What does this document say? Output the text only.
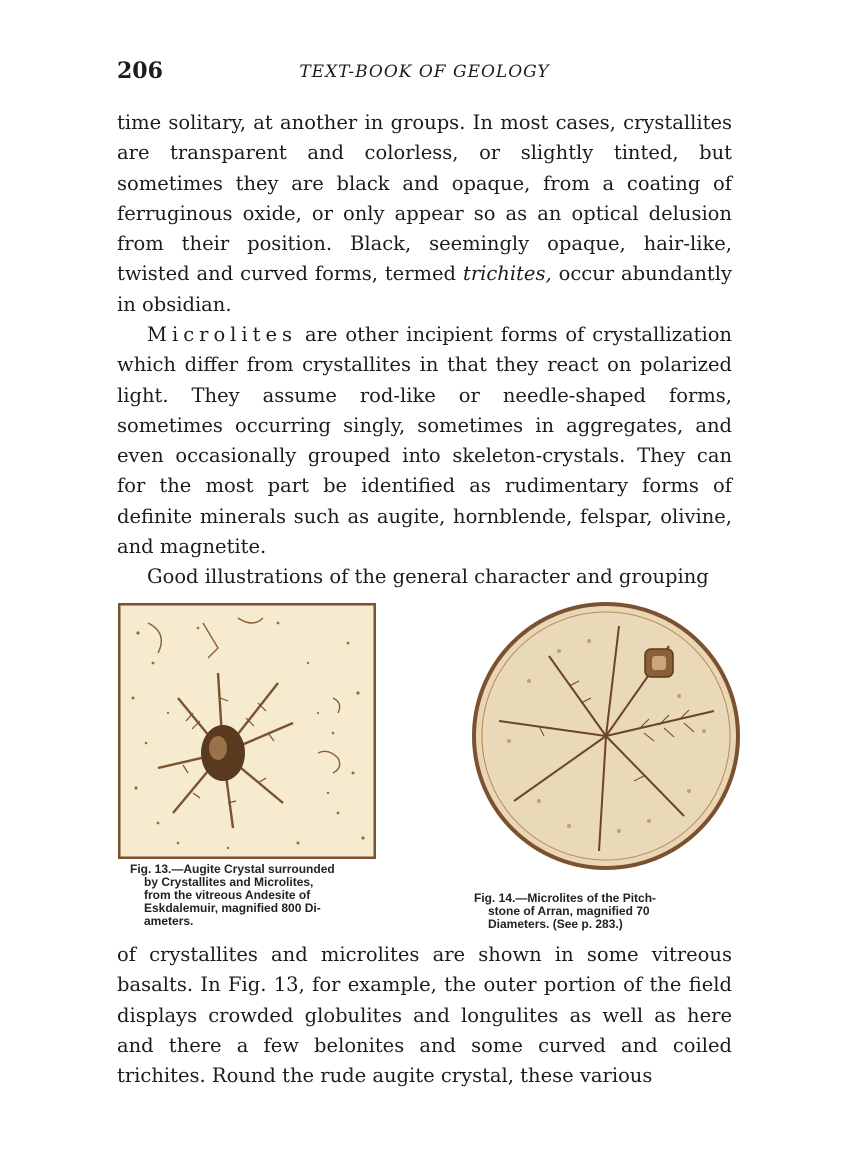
206	TEXT-BOOK OF GEOLOGY

time solitary, at another in groups. In most cases, crystallites are transparent and colorless, or slightly tinted, but sometimes they are black and opaque, from a coating of ferruginous oxide, or only appear so as an optical delusion from their position. Black, seemingly opaque, hair-like, twisted and curved forms, termed trichites, occur abundantly in obsidian.

Microlites are other incipient forms of crystallization which differ from crystallites in that they react on polarized light. They assume rod-like or needle-shaped forms, sometimes occurring singly, sometimes in aggregates, and even occasionally grouped into skeleton-crystals. They can for the most part be identified as rudimentary forms of definite minerals such as augite, hornblende, felspar, olivine, and magnetite.

Good illustrations of the general character and grouping

Fig. 13.—Augite Crystal surrounded
by Crystallites and Microlites,
from the vitreous Andesite of
Eskdalemuir, magnified 800 Di-
ameters.
Fig. 14.—Microlites of the Pitch-
stone of Arran, magnified 70
Diameters. (See p. 283.)

of crystallites and microlites are shown in some vitreous basalts. In Fig. 13, for example, the outer portion of the field displays crowded globulites and longulites as well as here and there a few belonites and some curved and coiled trichites. Round the rude augite crystal, these various
